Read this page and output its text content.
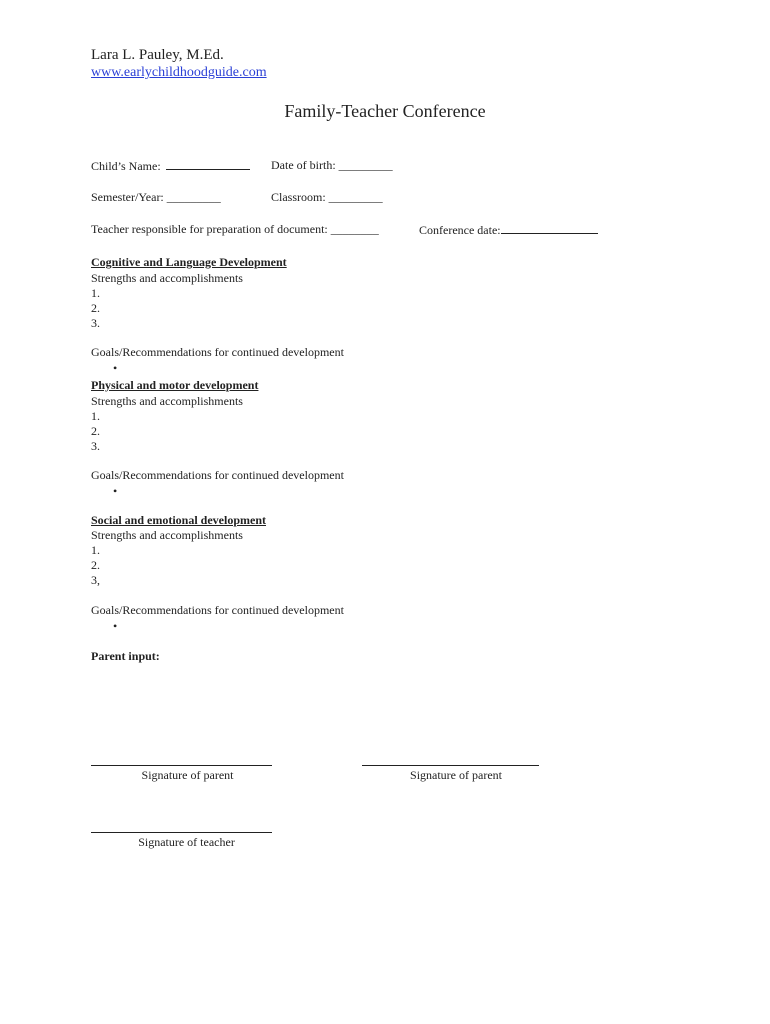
Lara L. Pauley, M.Ed.
www.earlychildhoodguide.com
Family-Teacher Conference
Child’s Name:	Date of birth: _________
Semester/Year: _________	Classroom: _________
Teacher responsible for preparation of document: ________	Conference date:
Cognitive and Language Development
Strengths and accomplishments
1.
2.
3.
Goals/Recommendations for continued development
•
Physical and motor development
Strengths and accomplishments
1.
2.
3.
Goals/Recommendations for continued development
•
Social and emotional development
Strengths and accomplishments
1.
2.
3,
Goals/Recommendations for continued development
•
Parent input:
Signature of parent	Signature of parent
Signature of teacher
